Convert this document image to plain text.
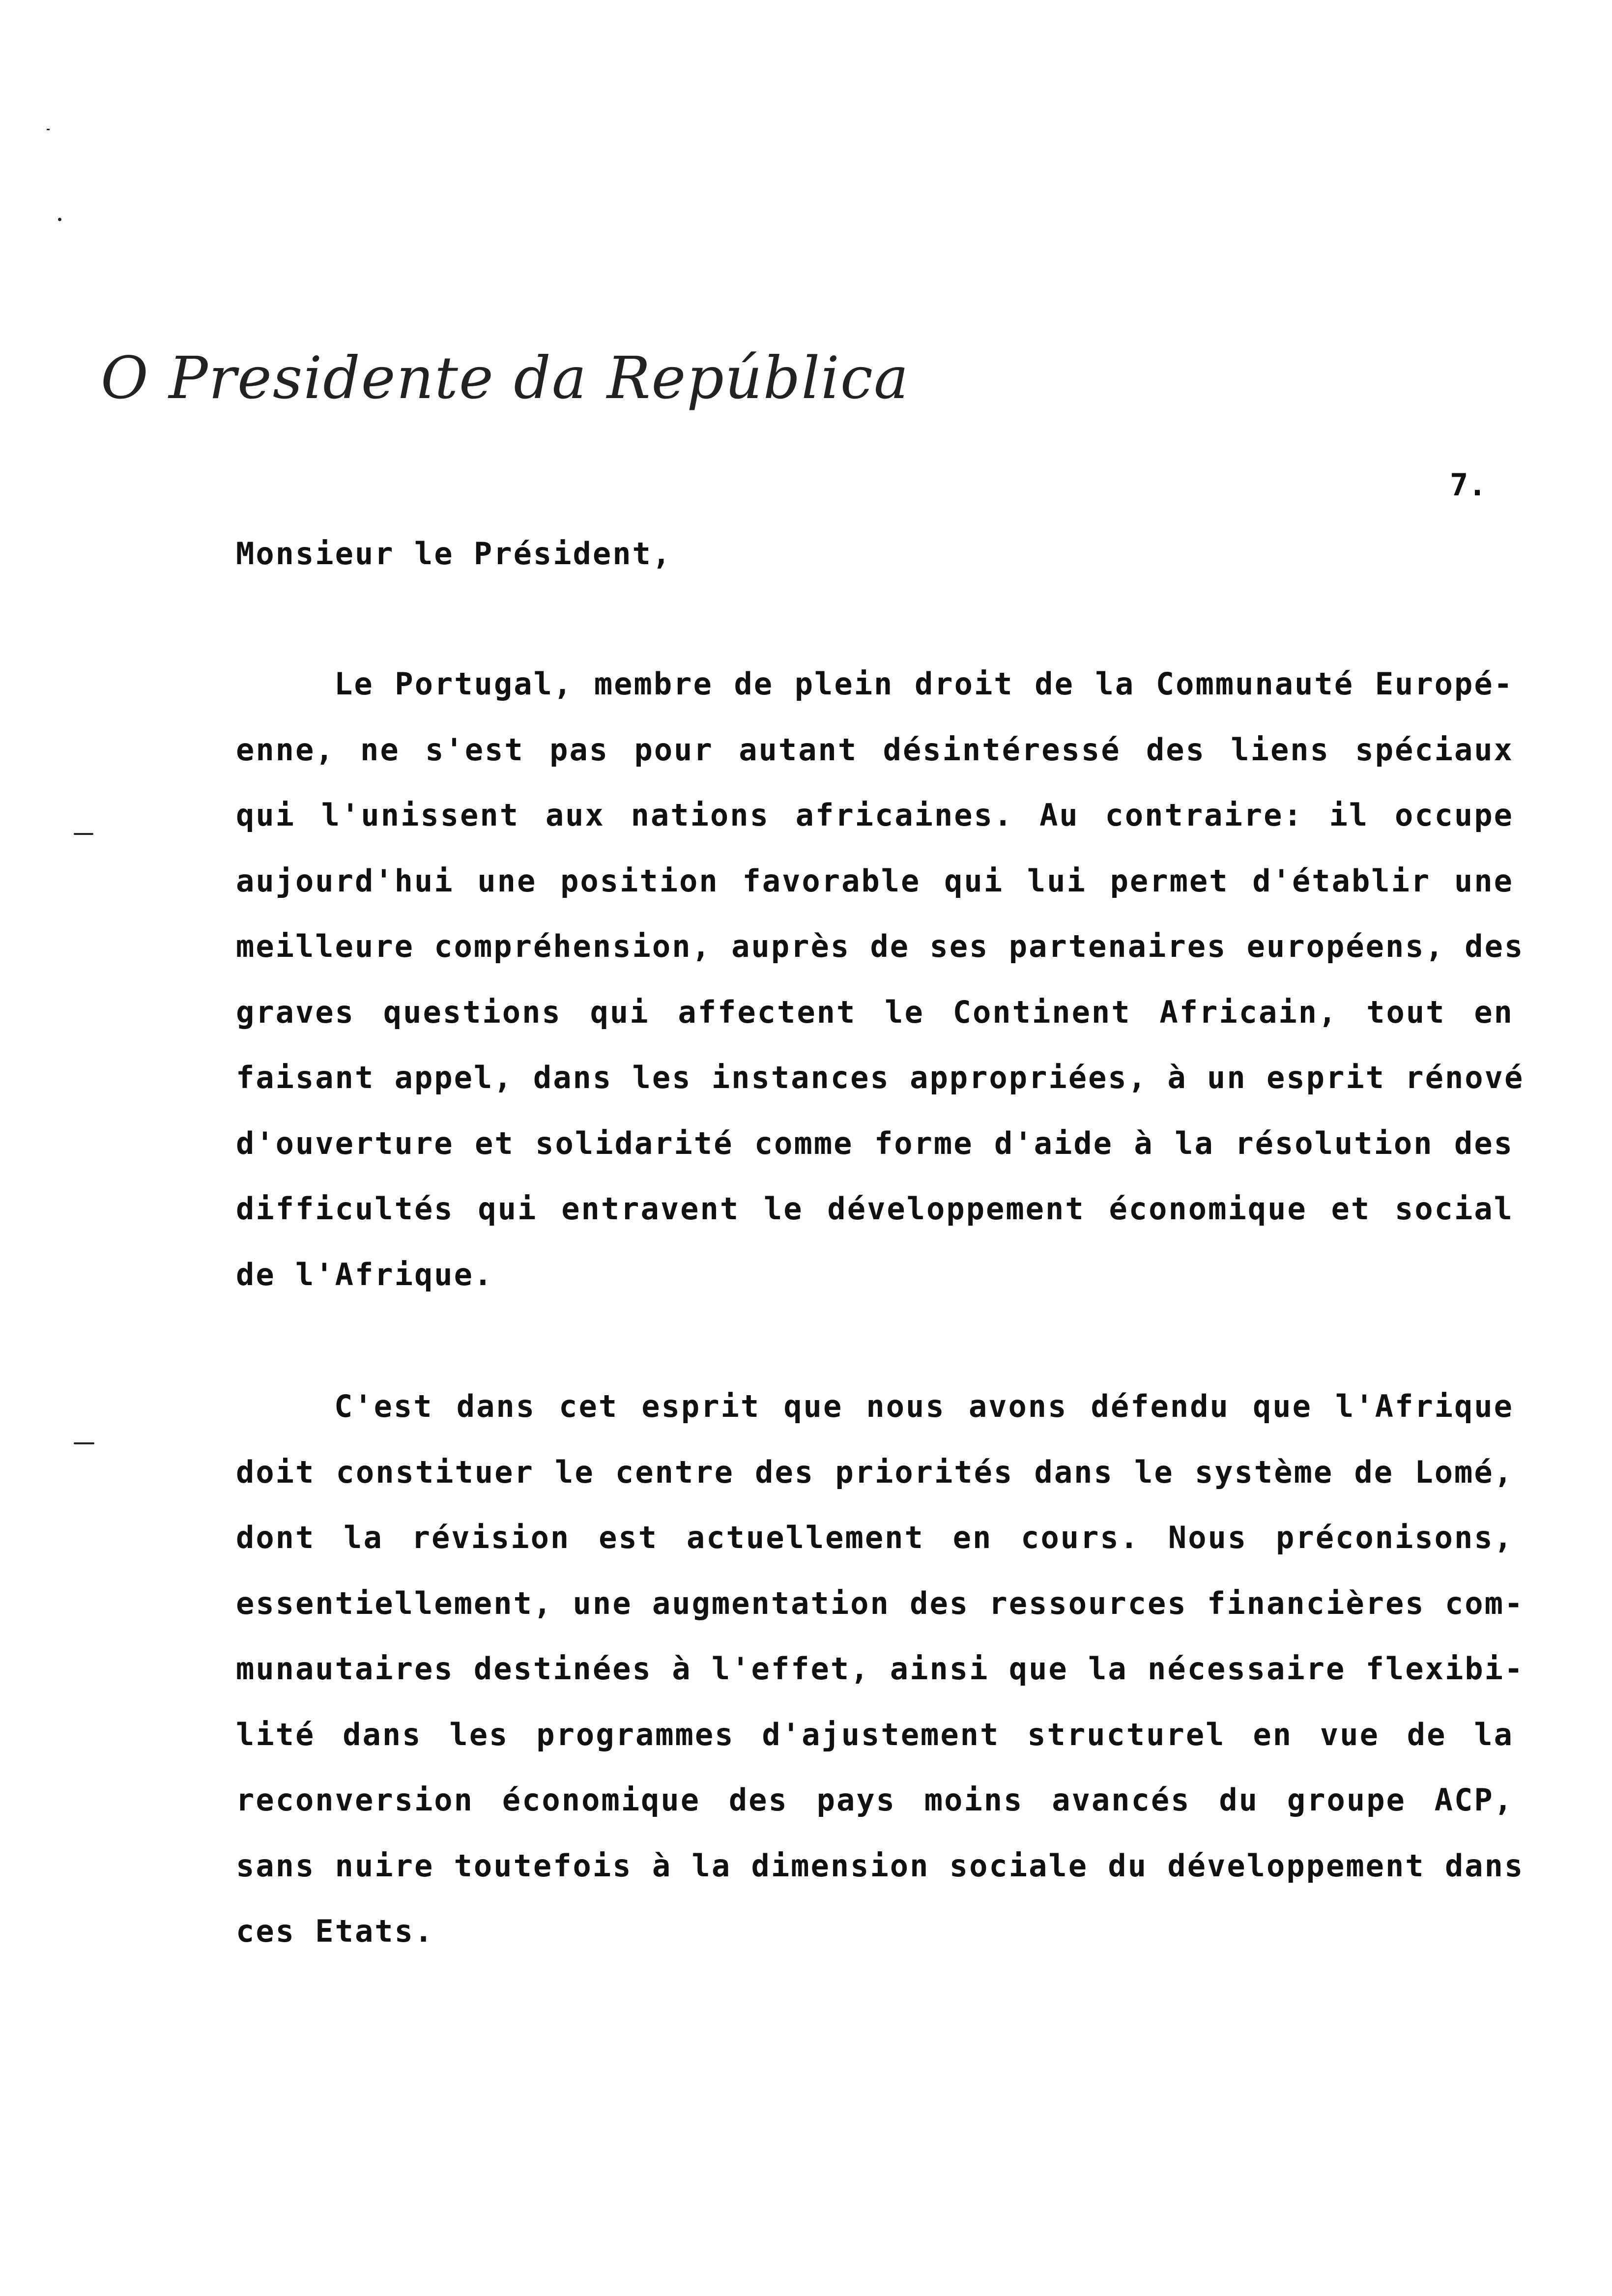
O Presidente da República
7.
Monsieur le Président,
Le Portugal, membre de plein droit de la Communauté Europé-
enne, ne s'est pas pour autant désintéressé des liens spéciaux
qui l'unissent aux nations africaines. Au contraire: il occupe
aujourd'hui une position favorable qui lui permet d'établir une
meilleure compréhension, auprès de ses partenaires européens, des
graves questions qui affectent le Continent Africain, tout en
faisant appel, dans les instances appropriées, à un esprit rénové
d'ouverture et solidarité comme forme d'aide à la résolution des
difficultés qui entravent le développement économique et social
de l'Afrique.
C'est dans cet esprit que nous avons défendu que l'Afrique
doit constituer le centre des priorités dans le système de Lomé,
dont la révision est actuellement en cours. Nous préconisons,
essentiellement, une augmentation des ressources financières com-
munautaires destinées à l'effet, ainsi que la nécessaire flexibi-
lité dans les programmes d'ajustement structurel en vue de la
reconversion économique des pays moins avancés du groupe ACP,
sans nuire toutefois à la dimension sociale du développement dans
ces Etats.
